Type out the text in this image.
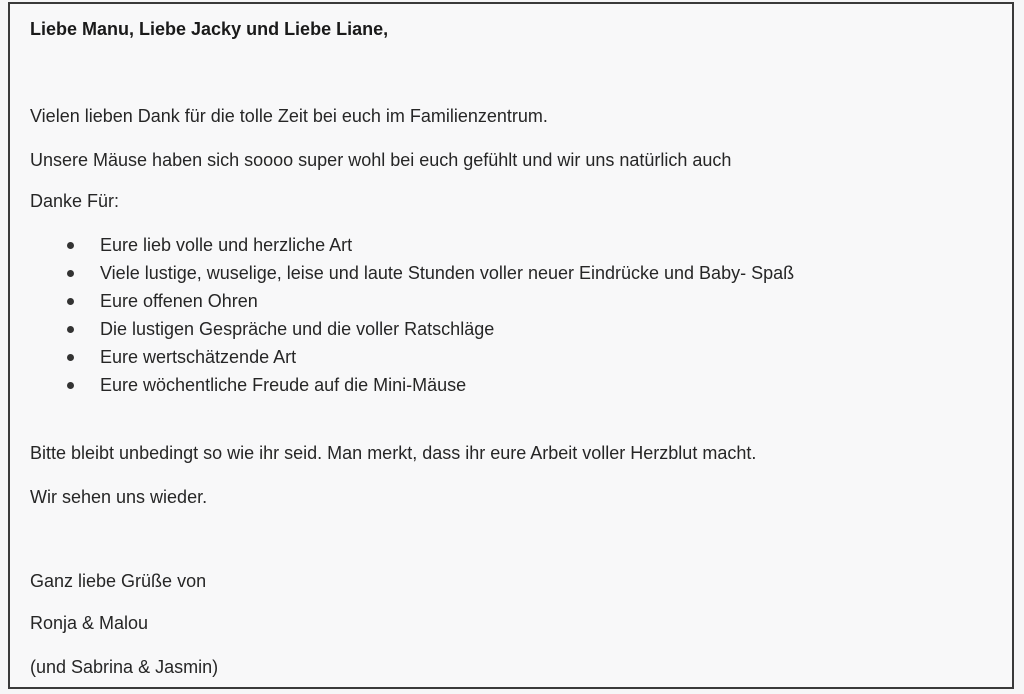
Liebe Manu, Liebe Jacky und Liebe Liane,

Vielen lieben Dank für die tolle Zeit bei euch im Familienzentrum.

Unsere Mäuse haben sich soooo super wohl bei euch gefühlt und wir uns natürlich auch

Danke Für:

Eure lieb volle und herzliche Art
Viele lustige, wuselige, leise und laute Stunden voller neuer Eindrücke und Baby- Spaß
Eure offenen Ohren
Die lustigen Gespräche und die voller Ratschläge
Eure wertschätzende Art
Eure wöchentliche Freude auf die Mini-Mäuse

Bitte bleibt unbedingt so wie ihr seid. Man merkt, dass ihr eure Arbeit voller Herzblut macht.

Wir sehen uns wieder.

Ganz liebe Grüße von

Ronja & Malou

(und Sabrina & Jasmin)
